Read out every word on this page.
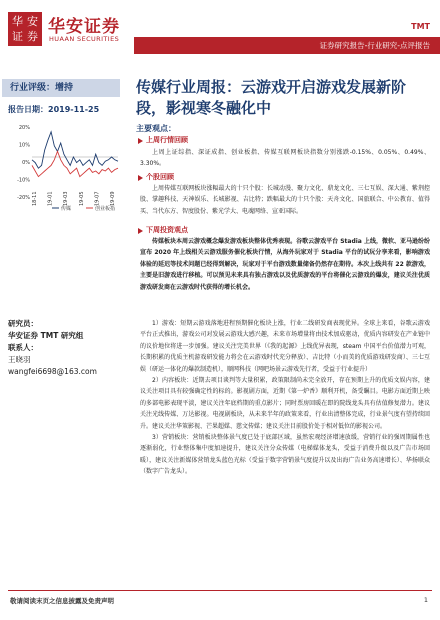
华 安
证 券 华安证券
HUAAN SECURITIES
证券研究报告-行业研究-点评报告
TMT
行业评级：增持
报告日期：2019-11-25
20%
10%
0%
-10%
-20% 18-11 19-01 19-03 19-05 19-07 19-09
传媒	创业板指
研究员：
华安证券 TMT 研究组
联系人：
王晓羽
wangfei6698@163.com
传媒行业周报：云游戏开启游戏发展新阶段，影视寒冬融化中
主要观点：
上周行情回顾

上周上证综指、深证成指、创业板指、传媒互联网板块指数分别涨跌-0.15%、0.05%、0.49%、3.30%。

个股回顾

上周传媒互联网板块涨幅最大的十只个股：长城动漫、聚力文化、鼎龙文化、三七互娱、深大通、紫荆控股、掌趣科技、天神娱乐、长城影视、吉比特；跌幅最大的十只个股：天舟文化、国旅联合、中公教育、值得买、当代东方、智度股份、紫光学大、电魂网络、宣亚国际。

下周投资观点

传媒板块本周云游戏概念爆发游戏板块整体优秀表现。谷歌云游戏平台 Stadia 上线，微软、亚马逊纷纷宣布 2020 年上线相关云游戏服务催化板块行情，从海外玩家对于 Stadia 平台的试玩分享来看，影响游戏体验的延迟等技术问题已经得到解决，玩家对于平台游戏数量储备仍然存在期待。本次上线共有 22 款游戏，主要是旧游戏进行移植。可以预见未来具有独占游戏以及优质游戏的平台将催化云游戏的爆发，建议关注优质游戏研发商在云游戏时代获得的增长机会。

1）游戏：短期云游戏落地进程预期催化板块上涨，行业二线研发商表现优异。全球上来看，谷歌云游戏平台正式推出，游戏公司对发展云游戏大感兴趣，未来市场增量将由技术加成驱动，优质内容研发在产业链中的议价地位将进一步加强。建议关注完美世界（《我的起源》上线优异表现，steam 中国平台价值潜力可观，长期积累的优质主机游戏研发能力将会在云游戏时代充分释放）、吉比特（小而美的优质游戏研发商）、三七互娱（研运一体化的爆款制造机），顺网科技（网吧场景云游戏先行者，受益于行业提升）

2）内容板块：近期去项目谈判等大量积累，政策限制尚未完全放开，存在预期上升的优质文娱内容，建议关注项目具有较强确定性的标的。影视剧方面，近期《第一炉香》顺利开机，备受瞩目。电影方面近期上映的多部电影表现平淡，建议关注年底档期的重点影片；同时票房回暖在即的院线龙头具有估值修复潜力。建议关注光线传媒、万达影视。电视剧板块，从未来半年的政策来看，行业出清整体完成，行业景气度有望持续回升。建议关注华策影视、芒果超媒、慈文传媒；建议关注目前股价处于相对低位的影视公司。

3）营销板块：营销板块整体景气度已处于底部区域，虽然宏观经济增速放缓，营销行业的强周期属性也逐渐弱化，行业整体集中度加速提升，建议关注分众传媒（电梯媒体龙头，受益于消费升级以及广告市场回暖），建议关注新媒体营销龙头蓝色光标（受益于数字营销景气度提升以及出海广告业务高速增长）、华扬联众（数字广告龙头）。

敬请阅读末页之信息披露及免责声明	1
